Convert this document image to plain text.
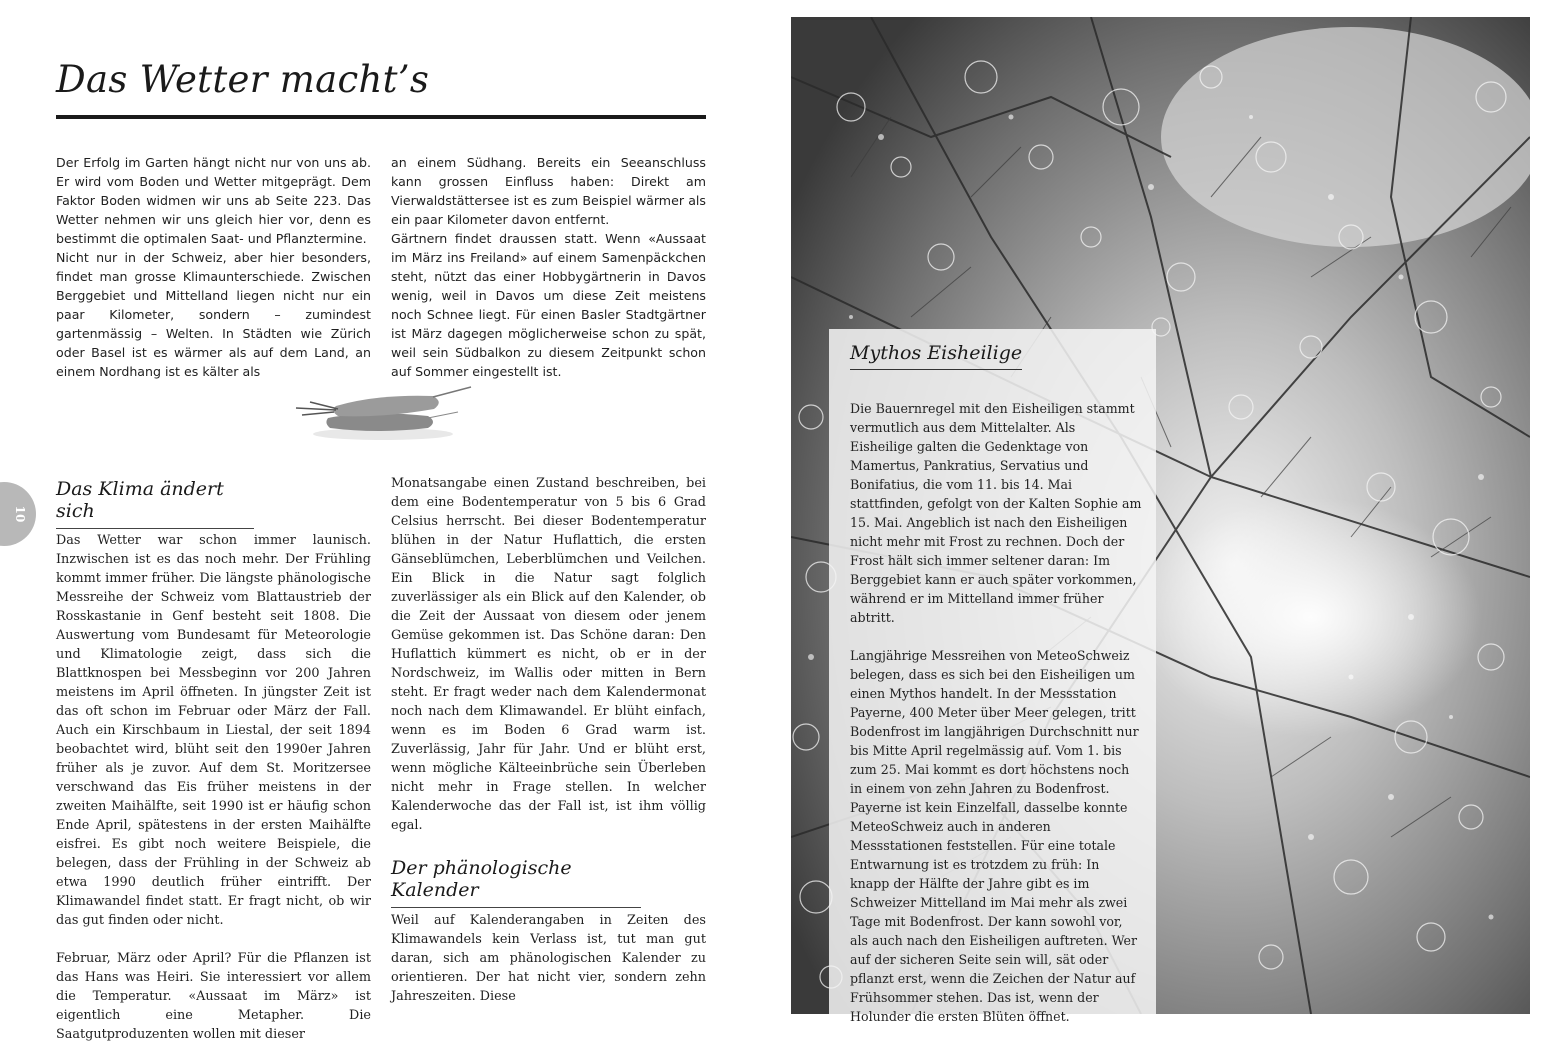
Das Wetter macht’s

Der Erfolg im Garten hängt nicht nur von uns ab. Er wird vom Boden und Wetter mitgeprägt. Dem Faktor Boden widmen wir uns ab Seite 223. Das Wetter nehmen wir uns gleich hier vor, denn es bestimmt die optimalen Saat- und Pflanztermine.

Nicht nur in der Schweiz, aber hier besonders, findet man grosse Klimaunterschiede. Zwischen Berggebiet und Mittelland liegen nicht nur ein paar Kilometer, sondern – zumindest gartenmässig – Welten. In Städten wie Zürich oder Basel ist es wärmer als auf dem Land, an einem Nordhang ist es kälter als

an einem Südhang. Bereits ein Seeanschluss kann grossen Einfluss haben: Direkt am Vierwaldstättersee ist es zum Beispiel wärmer als ein paar Kilometer davon entfernt.

Gärtnern findet draussen statt. Wenn «Aussaat im März ins Freiland» auf einem Samenpäckchen steht, nützt das einer Hobbygärtnerin in Davos wenig, weil in Davos um diese Zeit meistens noch Schnee liegt. Für einen Basler Stadtgärtner ist März dagegen möglicherweise schon zu spät, weil sein Südbalkon zu diesem Zeitpunkt schon auf Sommer eingestellt ist.

10
Das Klima ändert sich

Das Wetter war schon immer launisch. Inzwischen ist es das noch mehr. Der Frühling kommt immer früher. Die längste phänologische Messreihe der Schweiz vom Blattaustrieb der Rosskastanie in Genf besteht seit 1808. Die Auswertung vom Bundesamt für Meteorologie und Klimatologie zeigt, dass sich die Blattknospen bei Messbeginn vor 200 Jahren meistens im April öffneten. In jüngster Zeit ist das oft schon im Februar oder März der Fall. Auch ein Kirschbaum in Liestal, der seit 1894 beobachtet wird, blüht seit den 1990er Jahren früher als je zuvor. Auf dem St. Moritzersee verschwand das Eis früher meistens in der zweiten Maihälfte, seit 1990 ist er häufig schon Ende April, spätestens in der ersten Maihälfte eisfrei. Es gibt noch weitere Beispiele, die belegen, dass der Frühling in der Schweiz ab etwa 1990 deutlich früher eintrifft. Der Klimawandel findet statt. Er fragt nicht, ob wir das gut finden oder nicht.

Februar, März oder April? Für die Pflanzen ist das Hans was Heiri. Sie interessiert vor allem die Temperatur. «Aussaat im März» ist eigentlich eine Metapher. Die Saatgutproduzenten wollen mit dieser

Monatsangabe einen Zustand beschreiben, bei dem eine Bodentemperatur von 5 bis 6 Grad Celsius herrscht. Bei dieser Bodentemperatur blühen in der Natur Huflattich, die ersten Gänseblümchen, Leberblümchen und Veilchen. Ein Blick in die Natur sagt folglich zuverlässiger als ein Blick auf den Kalender, ob die Zeit der Aussaat von diesem oder jenem Gemüse gekommen ist. Das Schöne daran: Den Huflattich kümmert es nicht, ob er in der Nordschweiz, im Wallis oder mitten in Bern steht. Er fragt weder nach dem Kalendermonat noch nach dem Klimawandel. Er blüht einfach, wenn es im Boden 6 Grad warm ist. Zuverlässig, Jahr für Jahr. Und er blüht erst, wenn mögliche Kälteeinbrüche sein Überleben nicht mehr in Frage stellen. In welcher Kalenderwoche das der Fall ist, ist ihm völlig egal.

Der phänologische Kalender

Weil auf Kalenderangaben in Zeiten des Klimawandels kein Verlass ist, tut man gut daran, sich am phänologischen Kalender zu orientieren. Der hat nicht vier, sondern zehn Jahreszeiten. Diese

Mythos Eisheilige

Die Bauernregel mit den Eisheiligen stammt vermutlich aus dem Mittelalter. Als Eisheilige galten die Gedenktage von Mamertus, Pankratius, Servatius und Bonifatius, die vom 11. bis 14. Mai stattfinden, gefolgt von der Kalten Sophie am 15. Mai. Angeblich ist nach den Eisheiligen nicht mehr mit Frost zu rechnen. Doch der Frost hält sich immer seltener daran: Im Berggebiet kann er auch später vorkommen, während er im Mittelland immer früher abtritt.

Langjährige Messreihen von MeteoSchweiz belegen, dass es sich bei den Eisheiligen um einen Mythos handelt. In der Messstation Payerne, 400 Meter über Meer gelegen, tritt Bodenfrost im langjährigen Durchschnitt nur bis Mitte April regelmässig auf. Vom 1. bis zum 25. Mai kommt es dort höchstens noch in einem von zehn Jahren zu Bodenfrost. Payerne ist kein Einzelfall, dasselbe konnte MeteoSchweiz auch in anderen Messstationen feststellen. Für eine totale Entwarnung ist es trotzdem zu früh: In knapp der Hälfte der Jahre gibt es im Schweizer Mittelland im Mai mehr als zwei Tage mit Bodenfrost. Der kann sowohl vor, als auch nach den Eisheiligen auftreten. Wer auf der sicheren Seite sein will, sät oder pflanzt erst, wenn die Zeichen der Natur auf Frühsommer stehen. Das ist, wenn der Holunder die ersten Blüten öffnet.
